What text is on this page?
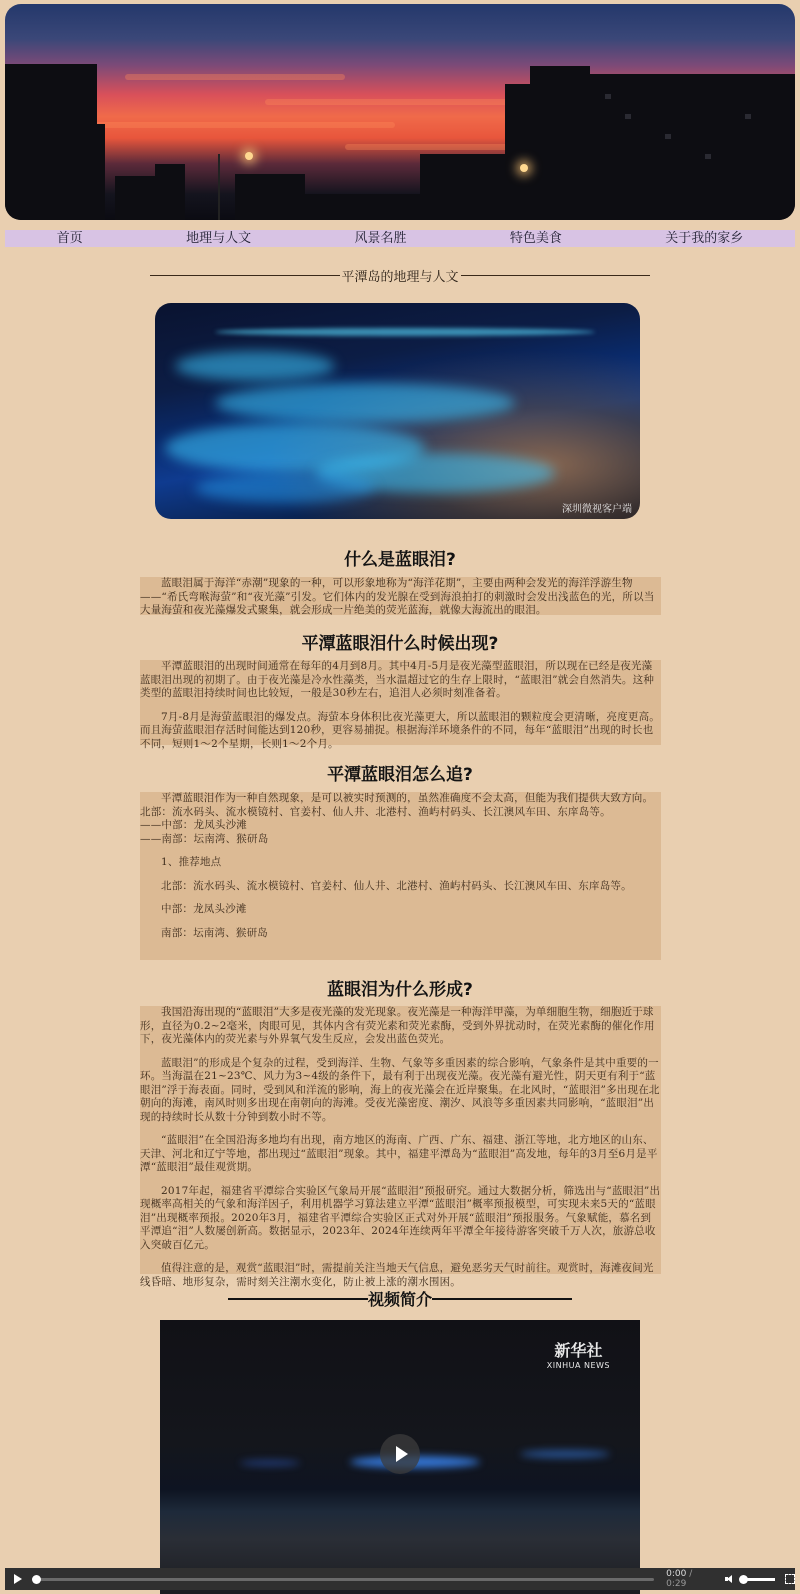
首页	地理与人文	风景名胜	特色美食	关于我的家乡
平潭岛的地理与人文
深圳微视客户端
什么是蓝眼泪?

蓝眼泪属于海洋“赤潮”现象的一种，可以形象地称为“海洋花期”，主要由两种会发光的海洋浮游生物——“希氏弯喉海萤”和“夜光藻”引发。它们体内的发光腺在受到海浪拍打的刺激时会发出浅蓝色的光，所以当大量海萤和夜光藻爆发式聚集，就会形成一片绝美的荧光蓝海，就像大海流出的眼泪。

平潭蓝眼泪什么时候出现?

平潭蓝眼泪的出现时间通常在每年的4月到8月。其中4月-5月是夜光藻型蓝眼泪，所以现在已经是夜光藻蓝眼泪出现的初期了。由于夜光藻是冷水性藻类，当水温超过它的生存上限时，“蓝眼泪”就会自然消失。这种类型的蓝眼泪持续时间也比较短，一般是30秒左右，追泪人必须时刻准备着。

7月-8月是海萤蓝眼泪的爆发点。海萤本身体积比夜光藻更大，所以蓝眼泪的颗粒度会更清晰，亮度更高。而且海萤蓝眼泪存活时间能达到120秒，更容易捕捉。根据海洋环境条件的不同，每年“蓝眼泪”出现的时长也不同，短则1～2个星期，长则1～2个月。

平潭蓝眼泪怎么追?

平潭蓝眼泪作为一种自然现象，是可以被实时预测的，虽然准确度不会太高，但能为我们提供大致方向。北部：流水码头、流水模镜村、官姜村、仙人井、北港村、渔屿村码头、长江澳风车田、东庠岛等。

——中部：龙凤头沙滩

——南部：坛南湾、猴研岛

1、推荐地点

北部：流水码头、流水模镜村、官姜村、仙人井、北港村、渔屿村码头、长江澳风车田、东庠岛等。

中部：龙凤头沙滩

南部：坛南湾、猴研岛

蓝眼泪为什么形成?

我国沿海出现的“蓝眼泪”大多是夜光藻的发光现象。夜光藻是一种海洋甲藻，为单细胞生物，细胞近于球形，直径为0.2~2毫米，肉眼可见，其体内含有荧光素和荧光素酶，受到外界扰动时，在荧光素酶的催化作用下，夜光藻体内的荧光素与外界氧气发生反应，会发出蓝色荧光。

蓝眼泪”的形成是个复杂的过程，受到海洋、生物、气象等多重因素的综合影响，气象条件是其中重要的一环。当海温在21~23℃、风力为3~4级的条件下，最有利于出现夜光藻。夜光藻有避光性，阴天更有利于“蓝眼泪”浮于海表面。同时，受到风和洋流的影响，海上的夜光藻会在近岸聚集。在北风时，“蓝眼泪”多出现在北朝向的海滩，南风时则多出现在南朝向的海滩。受夜光藻密度、潮汐、风浪等多重因素共同影响，“蓝眼泪”出现的持续时长从数十分钟到数小时不等。

“蓝眼泪”在全国沿海多地均有出现，南方地区的海南、广西、广东、福建、浙江等地，北方地区的山东、天津、河北和辽宁等地，都出现过“蓝眼泪”现象。其中，福建平潭岛为“蓝眼泪”高发地，每年的3月至6月是平潭“蓝眼泪”最佳观赏期。

2017年起，福建省平潭综合实验区气象局开展“蓝眼泪”预报研究。通过大数据分析，筛选出与“蓝眼泪”出现概率高相关的气象和海洋因子，利用机器学习算法建立平潭“蓝眼泪”概率预报模型，可实现未来5天的“蓝眼泪”出现概率预报。2020年3月，福建省平潭综合实验区正式对外开展“蓝眼泪”预报服务。气象赋能，慕名到平潭追“泪”人数屡创新高。数据显示，2023年、2024年连续两年平潭全年接待游客突破千万人次，旅游总收入突破百亿元。

值得注意的是，观赏“蓝眼泪”时，需提前关注当地天气信息，避免恶劣天气时前往。观赏时，海滩夜间光线昏暗、地形复杂，需时刻关注潮水变化，防止被上涨的潮水围困。

视频简介
新华社
XINHUA NEWS
0:00 / 0:29
